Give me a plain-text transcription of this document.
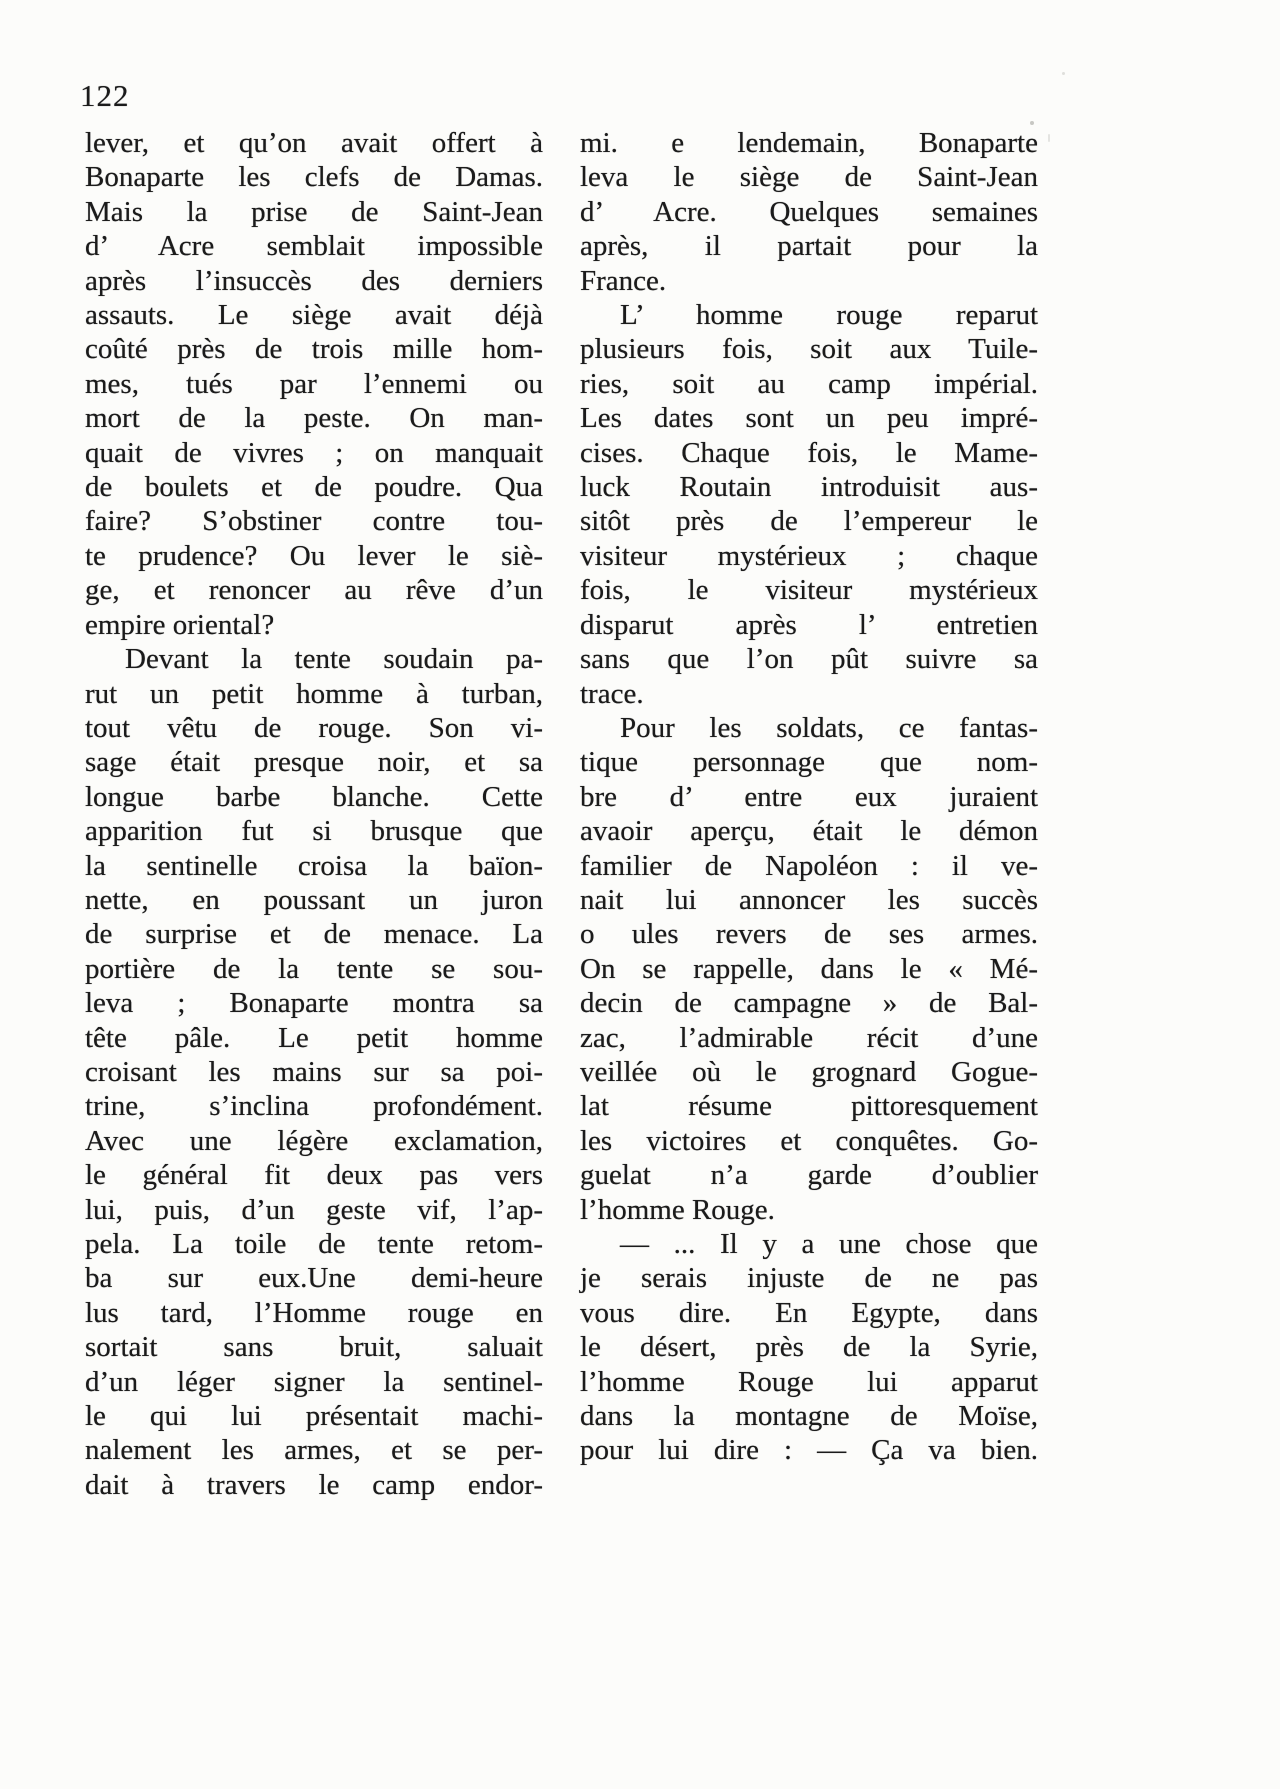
122
lever, et qu’on avait offert à
Bonaparte les clefs de Damas.
Mais la prise de Saint-Jean
d’ Acre semblait impossible
après l’insuccès des derniers
assauts. Le siège avait déjà
coûté près de trois mille hom-
mes, tués par l’ennemi ou
mort de la peste. On man-
quait de vivres ; on manquait
de boulets et de poudre. Qua
faire? S’obstiner contre tou-
te prudence? Ou lever le siè-
ge, et renoncer au rêve d’un
empire oriental?
Devant la tente soudain pa-
rut un petit homme à turban,
tout vêtu de rouge. Son vi-
sage était presque noir, et sa
longue barbe blanche. Cette
apparition fut si brusque que
la sentinelle croisa la baïon-
nette, en poussant un juron
de surprise et de menace. La
portière de la tente se sou-
leva ; Bonaparte montra sa
tête pâle. Le petit homme
croisant les mains sur sa poi-
trine, s’inclina profondément.
Avec une légère exclamation,
le général fit deux pas vers
lui, puis, d’un geste vif, l’ap-
pela. La toile de tente retom-
ba sur eux.Une demi-heure
lus tard, l’Homme rouge en
sortait sans bruit, saluait
d’un léger signer la sentinel-
le qui lui présentait machi-
nalement les armes, et se per-
dait à travers le camp endor-
mi. e lendemain, Bonaparte
leva le siège de Saint-Jean
d’ Acre. Quelques semaines
après, il partait pour la
France.
L’ homme rouge reparut
plusieurs fois, soit aux Tuile-
ries, soit au camp impérial.
Les dates sont un peu impré-
cises. Chaque fois, le Mame-
luck Routain introduisit aus-
sitôt près de l’empereur le
visiteur mystérieux ; chaque
fois, le visiteur mystérieux
disparut après l’ entretien
sans que l’on pût suivre sa
trace.
Pour les soldats, ce fantas-
tique personnage que nom-
bre d’ entre eux juraient
avaoir aperçu, était le démon
familier de Napoléon : il ve-
nait lui annoncer les succès
o ules revers de ses armes.
On se rappelle, dans le « Mé-
decin de campagne » de Bal-
zac, l’admirable récit d’une
veillée où le grognard Gogue-
lat résume pittoresquement
les victoires et conquêtes. Go-
guelat n’a garde d’oublier
l’homme Rouge.
— ... Il y a une chose que
je serais injuste de ne pas
vous dire. En Egypte, dans
le désert, près de la Syrie,
l’homme Rouge lui apparut
dans la montagne de Moïse,
pour lui dire : — Ça va bien.
